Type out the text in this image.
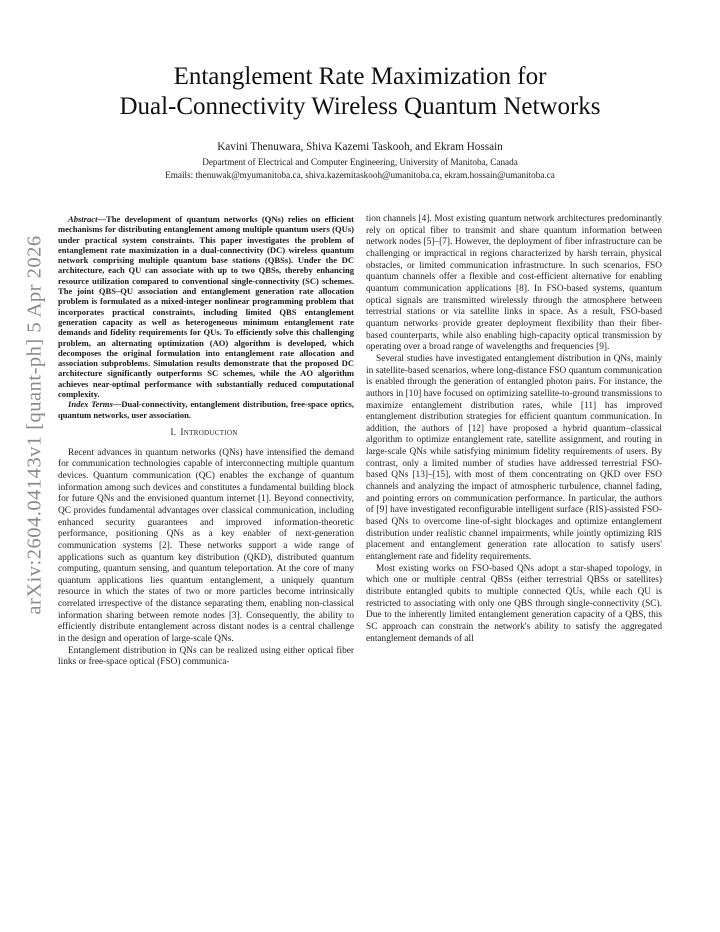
arXiv:2604.04143v1 [quant-ph] 5 Apr 2026
Entanglement Rate Maximization for
Dual-Connectivity Wireless Quantum Networks
Kavini Thenuwara, Shiva Kazemi Taskooh, and Ekram Hossain
Department of Electrical and Computer Engineering, University of Manitoba, Canada
Emails: thenuwak@myumanitoba.ca, shiva.kazemitaskooh@umanitoba.ca, ekram.hossain@umanitoba.ca

Abstract—The development of quantum networks (QNs) relies on efficient mechanisms for distributing entanglement among multiple quantum users (QUs) under practical system constraints. This paper investigates the problem of entanglement rate maximization in a dual-connectivity (DC) wireless quantum network comprising multiple quantum base stations (QBSs). Under the DC architecture, each QU can associate with up to two QBSs, thereby enhancing resource utilization compared to conventional single-connectivity (SC) schemes. The joint QBS–QU association and entanglement generation rate allocation problem is formulated as a mixed-integer nonlinear programming problem that incorporates practical constraints, including limited QBS entanglement generation capacity as well as heterogeneous minimum entanglement rate demands and fidelity requirements for QUs. To efficiently solve this challenging problem, an alternating optimization (AO) algorithm is developed, which decomposes the original formulation into entanglement rate allocation and association subproblems. Simulation results demonstrate that the proposed DC architecture significantly outperforms SC schemes, while the AO algorithm achieves near-optimal performance with substantially reduced computational complexity.

Index Terms—Dual-connectivity, entanglement distribution, free-space optics, quantum networks, user association.

I. Introduction

Recent advances in quantum networks (QNs) have intensified the demand for communication technologies capable of interconnecting multiple quantum devices. Quantum communication (QC) enables the exchange of quantum information among such devices and constitutes a fundamental building block for future QNs and the envisioned quantum internet [1]. Beyond connectivity, QC provides fundamental advantages over classical communication, including enhanced security guarantees and improved information-theoretic performance, positioning QNs as a key enabler of next-generation communication systems [2]. These networks support a wide range of applications such as quantum key distribution (QKD), distributed quantum computing, quantum sensing, and quantum teleportation. At the core of many quantum applications lies quantum entanglement, a uniquely quantum resource in which the states of two or more particles become intrinsically correlated irrespective of the distance separating them, enabling non-classical information sharing between remote nodes [3]. Consequently, the ability to efficiently distribute entanglement across distant nodes is a central challenge in the design and operation of large-scale QNs.

Entanglement distribution in QNs can be realized using either optical fiber links or free-space optical (FSO) communica-

tion channels [4]. Most existing quantum network architectures predominantly rely on optical fiber to transmit and share quantum information between network nodes [5]–[7]. However, the deployment of fiber infrastructure can be challenging or impractical in regions characterized by harsh terrain, physical obstacles, or limited communication infrastructure. In such scenarios, FSO quantum channels offer a flexible and cost-efficient alternative for enabling quantum communication applications [8]. In FSO-based systems, quantum optical signals are transmitted wirelessly through the atmosphere between terrestrial stations or via satellite links in space. As a result, FSO-based quantum networks provide greater deployment flexibility than their fiber-based counterparts, while also enabling high-capacity optical transmission by operating over a broad range of wavelengths and frequencies [9].

Several studies have investigated entanglement distribution in QNs, mainly in satellite-based scenarios, where long-distance FSO quantum communication is enabled through the generation of entangled photon pairs. For instance, the authors in [10] have focused on optimizing satellite-to-ground transmissions to maximize entanglement distribution rates, while [11] has improved entanglement distribution strategies for efficient quantum communication. In addition, the authors of [12] have proposed a hybrid quantum–classical algorithm to optimize entanglement rate, satellite assignment, and routing in large-scale QNs while satisfying minimum fidelity requirements of users. By contrast, only a limited number of studies have addressed terrestrial FSO-based QNs [13]–[15], with most of them concentrating on QKD over FSO channels and analyzing the impact of atmospheric turbulence, channel fading, and pointing errors on communication performance. In particular, the authors of [9] have investigated reconfigurable intelligent surface (RIS)-assisted FSO-based QNs to overcome line-of-sight blockages and optimize entanglement distribution under realistic channel impairments, while jointly optimizing RIS placement and entanglement generation rate allocation to satisfy users' entanglement rate and fidelity requirements.

Most existing works on FSO-based QNs adopt a star-shaped topology, in which one or multiple central QBSs (either terrestrial QBSs or satellites) distribute entangled qubits to multiple connected QUs, while each QU is restricted to associating with only one QBS through single-connectivity (SC). Due to the inherently limited entanglement generation capacity of a QBS, this SC approach can constrain the network's ability to satisfy the aggregated entanglement demands of all
